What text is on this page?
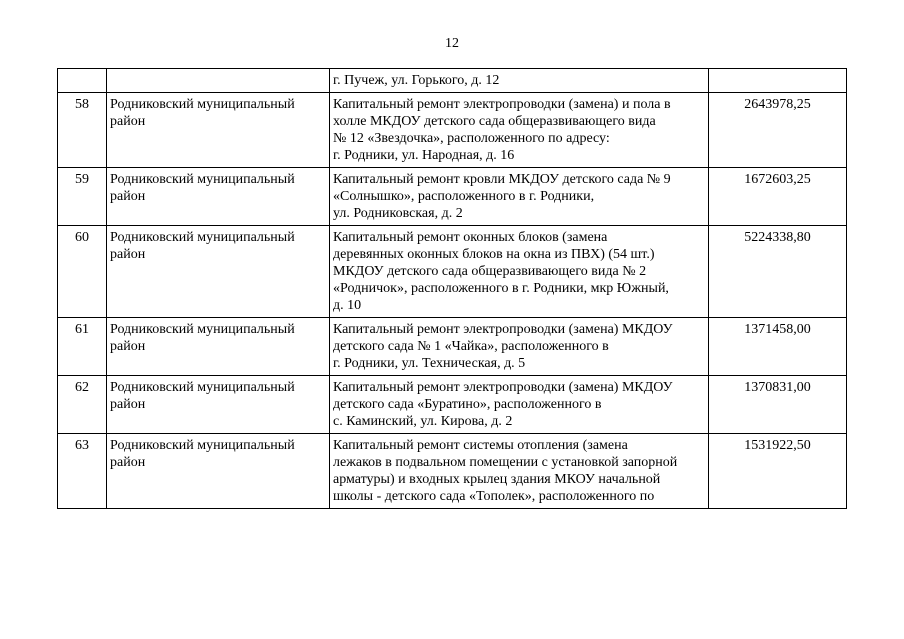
12

		г. Пучеж, ул. Горького, д. 12	

58	Родниковский муниципальный
район	Капитальный ремонт электропроводки (замена) и пола в
холле МКДОУ детского сада общеразвивающего вида
№ 12 «Звездочка», расположенного по адресу:
г. Родники, ул. Народная, д. 16	2643978,25
59	Родниковский муниципальный
район	Капитальный ремонт кровли МКДОУ детского сада № 9
«Солнышко», расположенного в г. Родники,
ул. Родниковская, д. 2	1672603,25
60	Родниковский муниципальный
район	Капитальный ремонт оконных блоков (замена
деревянных оконных блоков на окна из ПВХ) (54 шт.)
МКДОУ детского сада общеразвивающего вида № 2
«Родничок», расположенного в г. Родники, мкр Южный,
д. 10	5224338,80
61	Родниковский муниципальный
район	Капитальный ремонт электропроводки (замена) МКДОУ
детского сада № 1 «Чайка», расположенного в
г. Родники, ул. Техническая, д. 5	1371458,00
62	Родниковский муниципальный
район	Капитальный ремонт электропроводки (замена) МКДОУ
детского сада «Буратино», расположенного в
с. Каминский, ул. Кирова, д. 2	1370831,00
63	Родниковский муниципальный
район	Капитальный ремонт системы отопления (замена
лежаков в подвальном помещении с установкой запорной
арматуры) и входных крылец здания МКОУ начальной
школы - детского сада «Тополек», расположенного по	1531922,50
